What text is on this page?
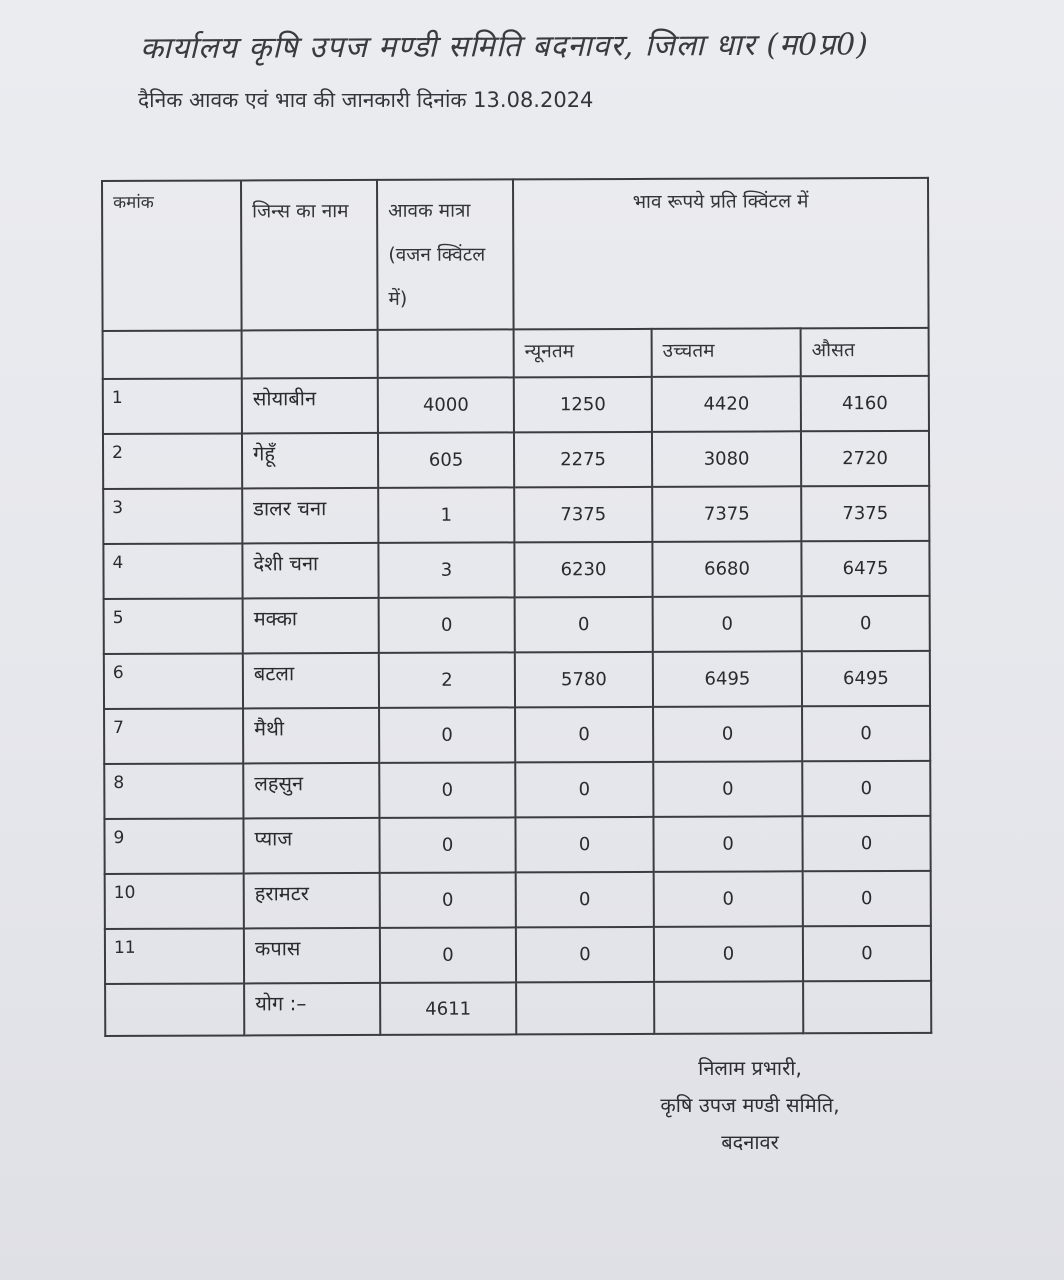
कार्यालय कृषि उपज मण्डी समिति बदनावर, जिला धार (म0प्र0)
दैनिक आवक एवं भाव की जानकारी दिनांक 13.08.2024
कमांक	जिन्स का नाम	आवक मात्रा (वजन क्विंटल में)	भाव रूपये प्रति क्विंटल में		

			न्यूनतम	उच्चतम	औसत

1	सोयाबीन	4000	1250	4420	4160
2	गेहूँ	605	2275	3080	2720
3	डालर चना	1	7375	7375	7375
4	देशी चना	3	6230	6680	6475
5	मक्का	0	0	0	0
6	बटला	2	5780	6495	6495
7	मैथी	0	0	0	0
8	लहसुन	0	0	0	0
9	प्याज	0	0	0	0
10	हरामटर	0	0	0	0
11	कपास	0	0	0	0
	योग :–	4611			
निलाम प्रभारी,
कृषि उपज मण्डी समिति,
बदनावर
